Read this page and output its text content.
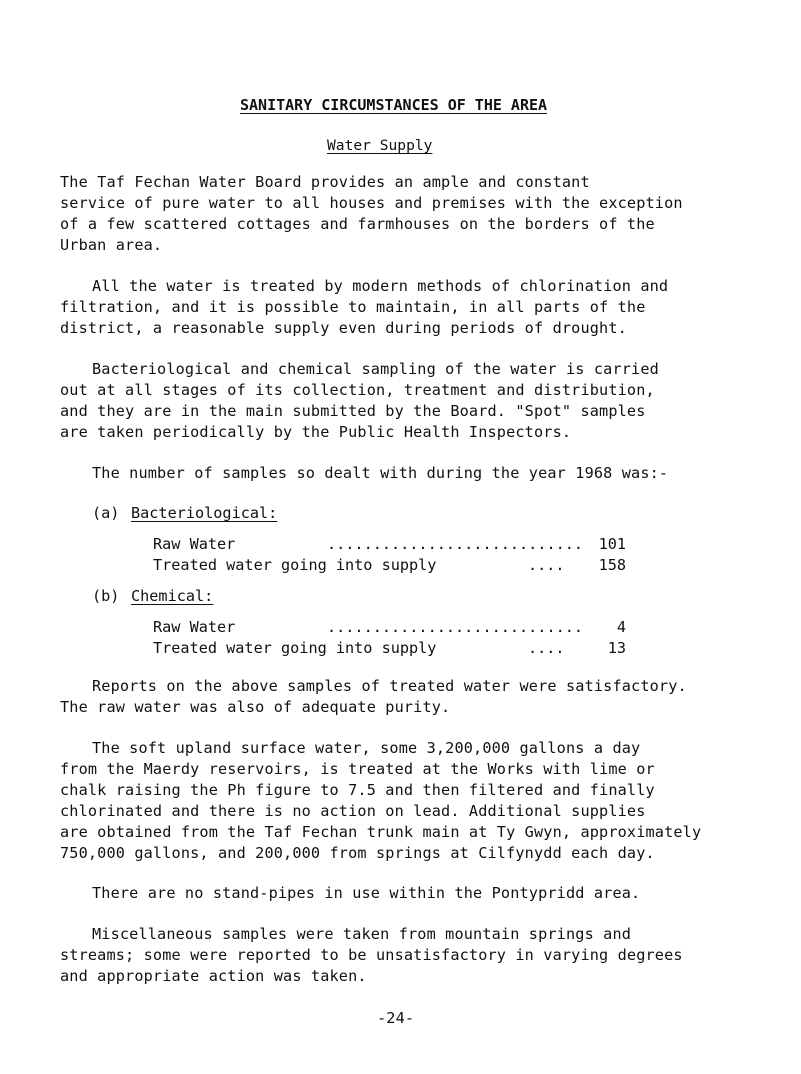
SANITARY CIRCUMSTANCES OF THE AREA
Water Supply
The Taf Fechan Water Board provides an ample and constant
service of pure water to all houses and premises with the exception
of a few scattered cottages and farmhouses on the borders of the
Urban area.
All the water is treated by modern methods of chlorination and
filtration, and it is possible to maintain, in all parts of the
district, a reasonable supply even during periods of drought.
Bacteriological and chemical sampling of the water is carried
out at all stages of its collection, treatment and distribution,
and they are in the main submitted by the Board. "Spot" samples
are taken periodically by the Public Health Inspectors.
The number of samples so dealt with during the year 1968 was:-
(a) Bacteriological:
Raw Water	............................	101
Treated water going into supply	....	158
(b) Chemical:
Raw Water	............................	4
Treated water going into supply	....	13
Reports on the above samples of treated water were satisfactory.
The raw water was also of adequate purity.
The soft upland surface water, some 3,200,000 gallons a day
from the Maerdy reservoirs, is treated at the Works with lime or
chalk raising the Ph figure to 7.5 and then filtered and finally
chlorinated and there is no action on lead. Additional supplies
are obtained from the Taf Fechan trunk main at Ty Gwyn, approximately
750,000 gallons, and 200,000 from springs at Cilfynydd each day.
There are no stand-pipes in use within the Pontypridd area.
Miscellaneous samples were taken from mountain springs and
streams; some were reported to be unsatisfactory in varying degrees
and appropriate action was taken.
-24-
